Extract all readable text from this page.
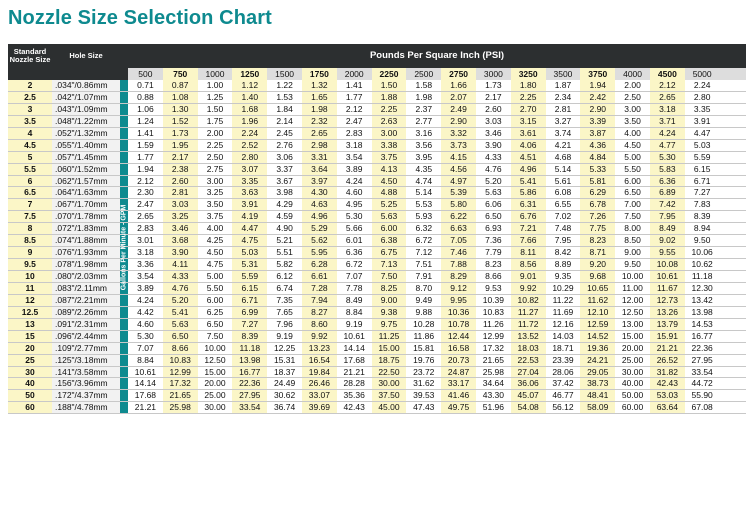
Nozzle Size Selection Chart
Standard Nozzle Size	Hole Size	Pounds Per Square Inch (PSI)
500	750	1000	1250	1500	1750	2000	2250	2500	2750	3000	3250	3500	3750	4000	4500	5000
2	.034"/0.86mm	0.71	0.87	1.00	1.12	1.22	1.32	1.41	1.50	1.58	1.66	1.73	1.80	1.87	1.94	2.00	2.12	2.24
2.5	.042"/1.07mm	0.88	1.08	1.25	1.40	1.53	1.65	1.77	1.88	1.98	2.07	2.17	2.25	2.34	2.42	2.50	2.65	2.80
3	.043"/1.09mm	1.06	1.30	1.50	1.68	1.84	1.98	2.12	2.25	2.37	2.49	2.60	2.70	2.81	2.90	3.00	3.18	3.35
3.5	.048"/1.22mm	1.24	1.52	1.75	1.96	2.14	2.32	2.47	2.63	2.77	2.90	3.03	3.15	3.27	3.39	3.50	3.71	3.91
4	.052"/1.32mm	1.41	1.73	2.00	2.24	2.45	2.65	2.83	3.00	3.16	3.32	3.46	3.61	3.74	3.87	4.00	4.24	4.47
4.5	.055"/1.40mm	1.59	1.95	2.25	2.52	2.76	2.98	3.18	3.38	3.56	3.73	3.90	4.06	4.21	4.36	4.50	4.77	5.03
5	.057"/1.45mm	1.77	2.17	2.50	2.80	3.06	3.31	3.54	3.75	3.95	4.15	4.33	4.51	4.68	4.84	5.00	5.30	5.59
5.5	.060"/1.52mm	1.94	2.38	2.75	3.07	3.37	3.64	3.89	4.13	4.35	4.56	4.76	4.96	5.14	5.33	5.50	5.83	6.15
6	.062"/1.57mm	2.12	2.60	3.00	3.35	3.67	3.97	4.24	4.50	4.74	4.97	5.20	5.41	5.61	5.81	6.00	6.36	6.71
6.5	.064"/1.63mm	2.30	2.81	3.25	3.63	3.98	4.30	4.60	4.88	5.14	5.39	5.63	5.86	6.08	6.29	6.50	6.89	7.27
7	.067"/1.70mm	2.47	3.03	3.50	3.91	4.29	4.63	4.95	5.25	5.53	5.80	6.06	6.31	6.55	6.78	7.00	7.42	7.83
7.5	.070"/1.78mm	2.65	3.25	3.75	4.19	4.59	4.96	5.30	5.63	5.93	6.22	6.50	6.76	7.02	7.26	7.50	7.95	8.39
8	.072"/1.83mm	2.83	3.46	4.00	4.47	4.90	5.29	5.66	6.00	6.32	6.63	6.93	7.21	7.48	7.75	8.00	8.49	8.94
8.5	.074"/1.88mm	3.01	3.68	4.25	4.75	5.21	5.62	6.01	6.38	6.72	7.05	7.36	7.66	7.95	8.23	8.50	9.02	9.50
9	.076"/1.93mm	3.18	3.90	4.50	5.03	5.51	5.95	6.36	6.75	7.12	7.46	7.79	8.11	8.42	8.71	9.00	9.55	10.06
9.5	.078"/1.98mm	3.36	4.11	4.75	5.31	5.82	6.28	6.72	7.13	7.51	7.88	8.23	8.56	8.89	9.20	9.50	10.08	10.62
10	.080"/2.03mm	3.54	4.33	5.00	5.59	6.12	6.61	7.07	7.50	7.91	8.29	8.66	9.01	9.35	9.68	10.00	10.61	11.18
11	.083"/2.11mm	3.89	4.76	5.50	6.15	6.74	7.28	7.78	8.25	8.70	9.12	9.53	9.92	10.29	10.65	11.00	11.67	12.30
12	.087"/2.21mm	4.24	5.20	6.00	6.71	7.35	7.94	8.49	9.00	9.49	9.95	10.39	10.82	11.22	11.62	12.00	12.73	13.42
12.5	.089"/2.26mm	4.42	5.41	6.25	6.99	7.65	8.27	8.84	9.38	9.88	10.36	10.83	11.27	11.69	12.10	12.50	13.26	13.98
13	.091"/2.31mm	4.60	5.63	6.50	7.27	7.96	8.60	9.19	9.75	10.28	10.78	11.26	11.72	12.16	12.59	13.00	13.79	14.53
15	.096"/2.44mm	5.30	6.50	7.50	8.39	9.19	9.92	10.61	11.25	11.86	12.44	12.99	13.52	14.03	14.52	15.00	15.91	16.77
20	.109"/2.77mm	7.07	8.66	10.00	11.18	12.25	13.23	14.14	15.00	15.81	16.58	17.32	18.03	18.71	19.36	20.00	21.21	22.36
25	.125"/3.18mm	8.84	10.83	12.50	13.98	15.31	16.54	17.68	18.75	19.76	20.73	21.65	22.53	23.39	24.21	25.00	26.52	27.95
30	.141"/3.58mm	10.61	12.99	15.00	16.77	18.37	19.84	21.21	22.50	23.72	24.87	25.98	27.04	28.06	29.05	30.00	31.82	33.54
40	.156"/3.96mm	14.14	17.32	20.00	22.36	24.49	26.46	28.28	30.00	31.62	33.17	34.64	36.06	37.42	38.73	40.00	42.43	44.72
50	.172"/4.37mm	17.68	21.65	25.00	27.95	30.62	33.07	35.36	37.50	39.53	41.46	43.30	45.07	46.77	48.41	50.00	53.03	55.90
60	.188"/4.78mm	21.21	25.98	30.00	33.54	36.74	39.69	42.43	45.00	47.43	49.75	51.96	54.08	56.12	58.09	60.00	63.64	67.08
Gallons Per Minute - GPM
